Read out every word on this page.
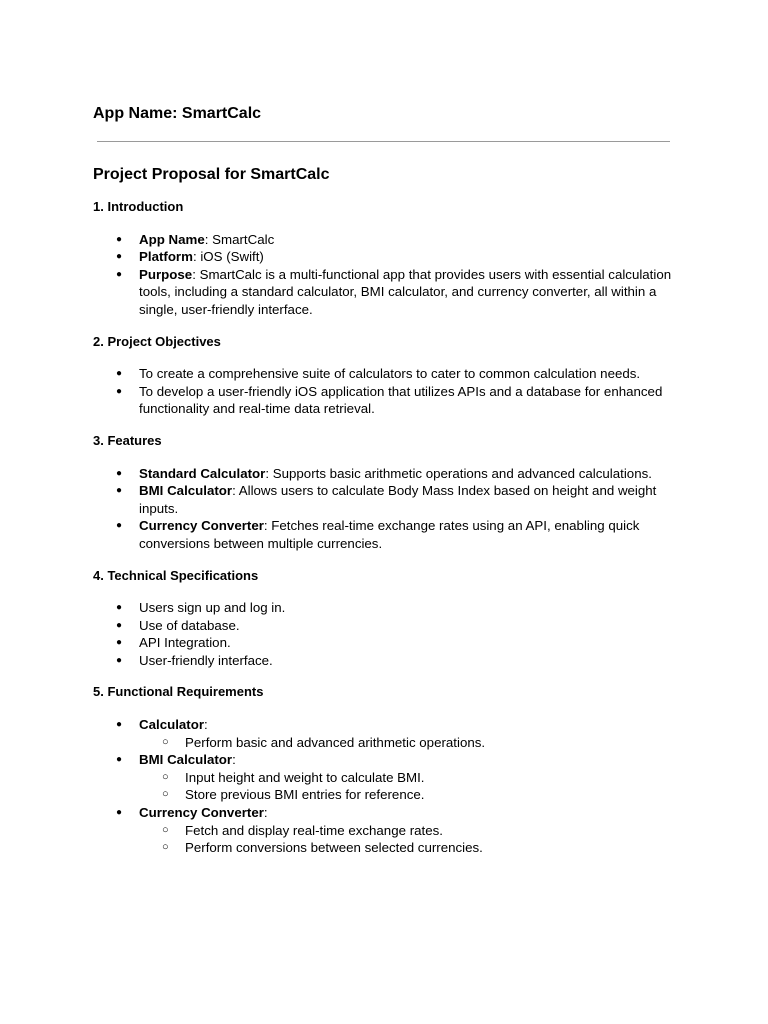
App Name: SmartCalc
Project Proposal for SmartCalc
1. Introduction
● App Name: SmartCalc
● Platform: iOS (Swift)
● Purpose: SmartCalc is a multi-functional app that provides users with essential calculation tools, including a standard calculator, BMI calculator, and currency converter, all within a single, user-friendly interface.
2. Project Objectives
● To create a comprehensive suite of calculators to cater to common calculation needs.
● To develop a user-friendly iOS application that utilizes APIs and a database for enhanced functionality and real-time data retrieval.
3. Features
● Standard Calculator: Supports basic arithmetic operations and advanced calculations.
● BMI Calculator: Allows users to calculate Body Mass Index based on height and weight inputs.
● Currency Converter: Fetches real-time exchange rates using an API, enabling quick conversions between multiple currencies.
4. Technical Specifications
● Users sign up and log in.
● Use of database.
● API Integration.
● User-friendly interface.
5. Functional Requirements
● Calculator:
○ Perform basic and advanced arithmetic operations.
● BMI Calculator:
○ Input height and weight to calculate BMI.
○ Store previous BMI entries for reference.
● Currency Converter:
○ Fetch and display real-time exchange rates.
○ Perform conversions between selected currencies.
